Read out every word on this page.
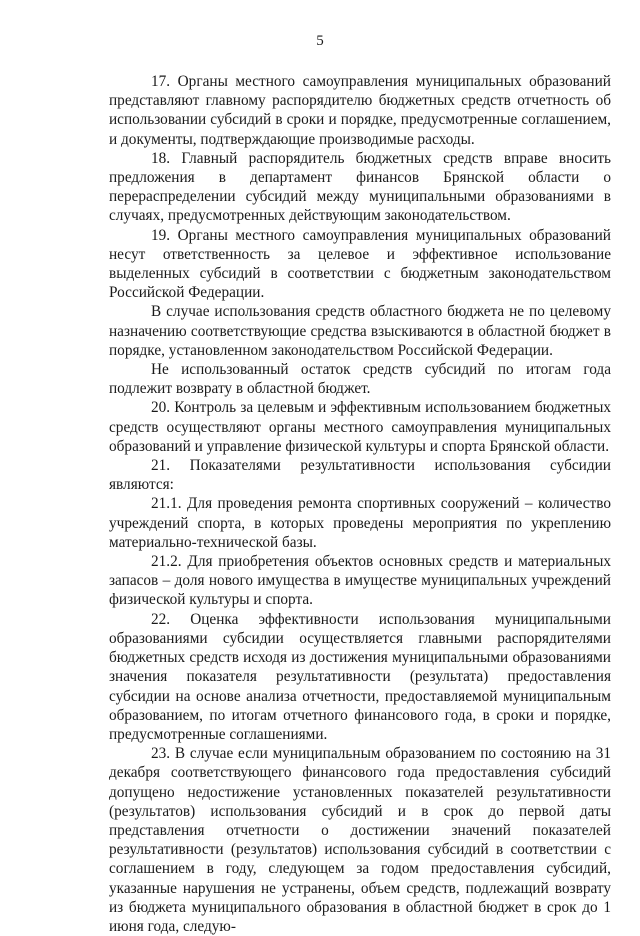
5

17. Органы местного самоуправления муниципальных образований представляют главному распорядителю бюджетных средств отчетность об использовании субсидий в сроки и порядке, предусмотренные соглашением, и документы, подтверждающие производимые расходы.

18. Главный распорядитель бюджетных средств вправе вносить предложения в департамент финансов Брянской области о перераспределении субсидий между муниципальными образованиями в случаях, предусмотренных действующим законодательством.

19. Органы местного самоуправления муниципальных образований несут ответственность за целевое и эффективное использование выделенных субсидий в соответствии с бюджетным законодательством Российской Федерации.

В случае использования средств областного бюджета не по целевому назначению соответствующие средства взыскиваются в областной бюджет в порядке, установленном законодательством Российской Федерации.

Не использованный остаток средств субсидий по итогам года подлежит возврату в областной бюджет.

20. Контроль за целевым и эффективным использованием бюджетных средств осуществляют органы местного самоуправления муниципальных образований и управление физической культуры и спорта Брянской области.

21. Показателями результативности использования субсидии являются:

21.1. Для проведения ремонта спортивных сооружений – количество учреждений спорта, в которых проведены мероприятия по укреплению материально-технической базы.

21.2. Для приобретения объектов основных средств и материальных запасов – доля нового имущества в имуществе муниципальных учреждений физической культуры и спорта.

22. Оценка эффективности использования муниципальными образованиями субсидии осуществляется главными распорядителями бюджетных средств исходя из достижения муниципальными образованиями значения показателя результативности (результата) предоставления субсидии на основе анализа отчетности, предоставляемой муниципальным образованием, по итогам отчетного финансового года, в сроки и порядке, предусмотренные соглашениями.

23. В случае если муниципальным образованием по состоянию на 31 декабря соответствующего финансового года предоставления субсидий допущено недостижение установленных показателей результативности (результатов) использования субсидий и в срок до первой даты представления отчетности о достижении значений показателей результативности (результатов) использования субсидий в соответствии с соглашением в году, следующем за годом предоставления субсидий, указанные нарушения не устранены, объем средств, подлежащий возврату из бюджета муниципального образования в областной бюджет в срок до 1 июня года, следую-
